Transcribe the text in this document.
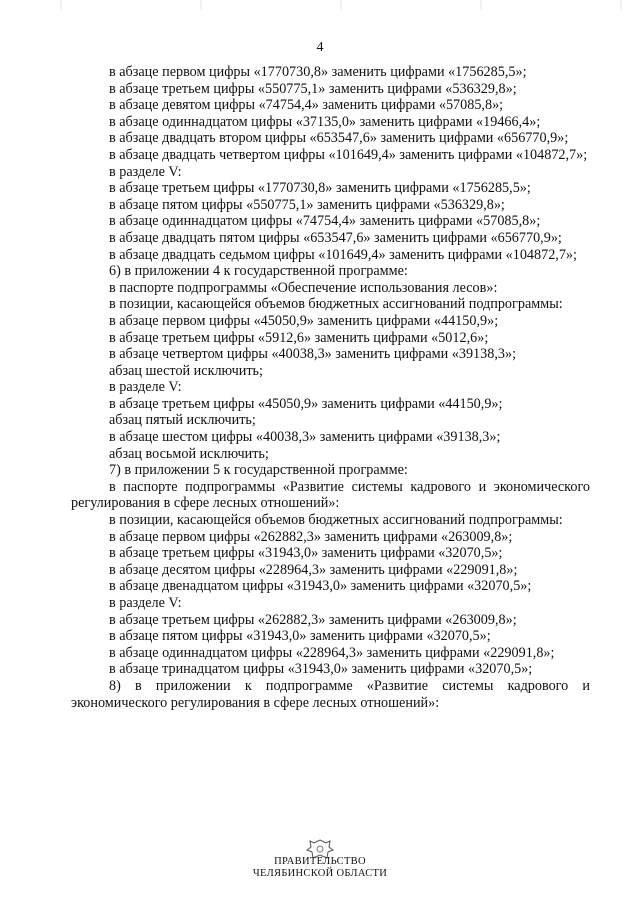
4

в абзаце первом цифры «1770730,8» заменить цифрами «1756285,5»;

в абзаце третьем цифры «550775,1» заменить цифрами «536329,8»;

в абзаце девятом цифры «74754,4» заменить цифрами «57085,8»;

в абзаце одиннадцатом цифры «37135,0» заменить цифрами «19466,4»;

в абзаце двадцать втором цифры «653547,6» заменить цифрами «656770,9»;

в абзаце двадцать четвертом цифры «101649,4» заменить цифрами «104872,7»;

в разделе V:

в абзаце третьем цифры «1770730,8» заменить цифрами «1756285,5»;

в абзаце пятом цифры «550775,1» заменить цифрами «536329,8»;

в абзаце одиннадцатом цифры «74754,4» заменить цифрами «57085,8»;

в абзаце двадцать пятом цифры «653547,6» заменить цифрами «656770,9»;

в абзаце двадцать седьмом цифры «101649,4» заменить цифрами «104872,7»;

6) в приложении 4 к государственной программе:

в паспорте подпрограммы «Обеспечение использования лесов»:

в позиции, касающейся объемов бюджетных ассигнований подпрограммы:

в абзаце первом цифры «45050,9» заменить цифрами «44150,9»;

в абзаце третьем цифры «5912,6» заменить цифрами «5012,6»;

в абзаце четвертом цифры «40038,3» заменить цифрами «39138,3»;

абзац шестой исключить;

в разделе V:

в абзаце третьем цифры «45050,9» заменить цифрами «44150,9»;

абзац пятый исключить;

в абзаце шестом цифры «40038,3» заменить цифрами «39138,3»;

абзац восьмой исключить;

7) в приложении 5 к государственной программе:

в паспорте подпрограммы «Развитие системы кадрового и экономического регулирования в сфере лесных отношений»:

в позиции, касающейся объемов бюджетных ассигнований подпрограммы:

в абзаце первом цифры «262882,3» заменить цифрами «263009,8»;

в абзаце третьем цифры «31943,0» заменить цифрами «32070,5»;

в абзаце десятом цифры «228964,3» заменить цифрами «229091,8»;

в абзаце двенадцатом цифры «31943,0» заменить цифрами «32070,5»;

в разделе V:

в абзаце третьем цифры «262882,3» заменить цифрами «263009,8»;

в абзаце пятом цифры «31943,0» заменить цифрами «32070,5»;

в абзаце одиннадцатом цифры «228964,3» заменить цифрами «229091,8»;

в абзаце тринадцатом цифры «31943,0» заменить цифрами «32070,5»;

8) в приложении к подпрограмме «Развитие системы кадрового и экономического регулирования в сфере лесных отношений»:

ПРАВИТЕЛЬСТВО
ЧЕЛЯБИНСКОЙ ОБЛАСТИ
